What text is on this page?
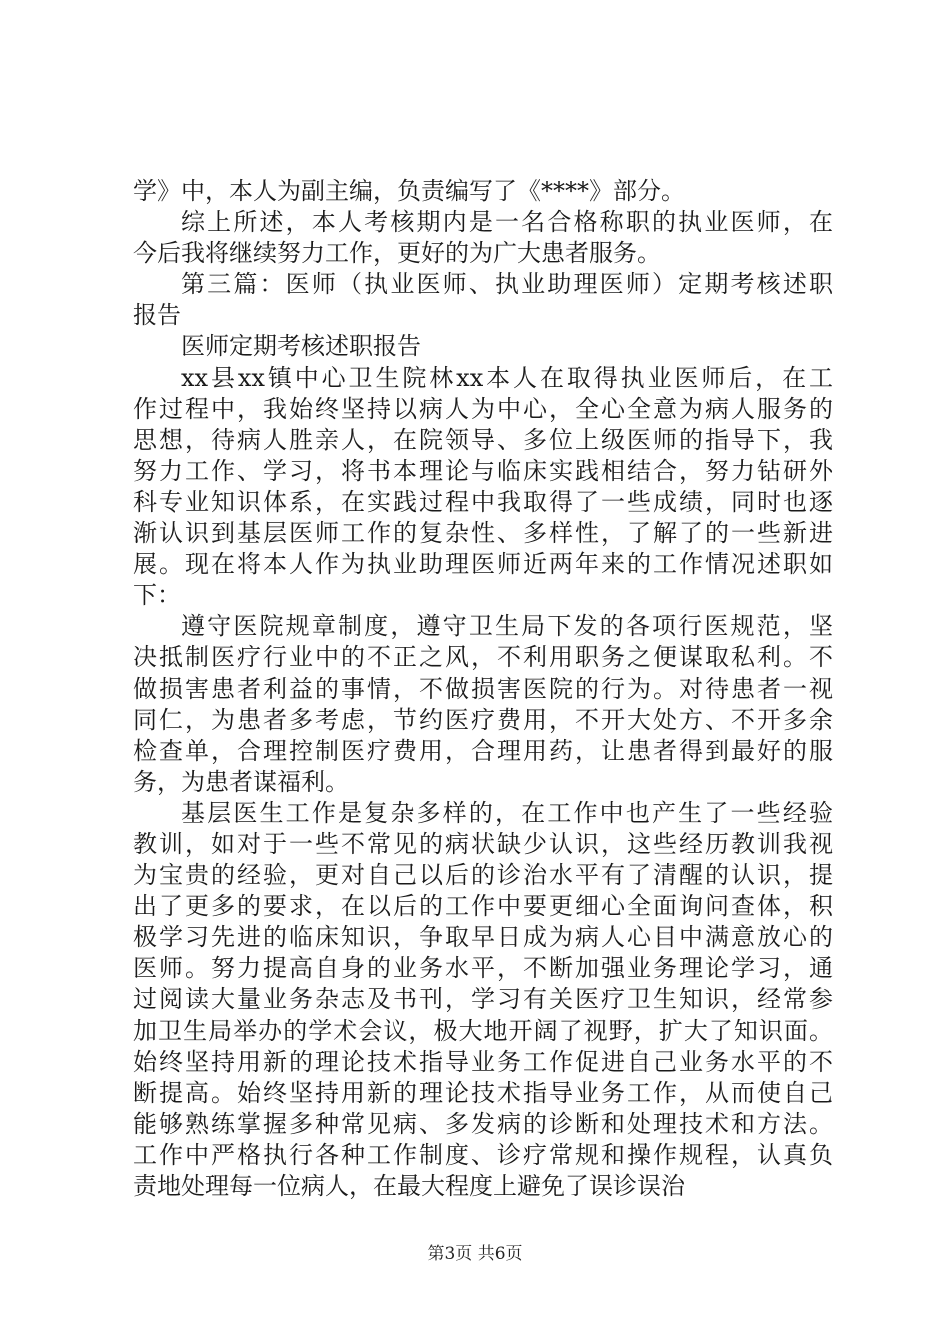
学》中，本人为副主编，负责编写了《****》部分。
综上所述，本人考核期内是一名合格称职的执业医师，在
今后我将继续努力工作，更好的为广大患者服务。
第三篇：医师（执业医师、执业助理医师）定期考核述职
报告
医师定期考核述职报告
xx县xx镇中心卫生院林xx本人在取得执业医师后，在工
作过程中，我始终坚持以病人为中心，全心全意为病人服务的
思想，待病人胜亲人，在院领导、多位上级医师的指导下，我
努力工作、学习，将书本理论与临床实践相结合，努力钻研外
科专业知识体系，在实践过程中我取得了一些成绩，同时也逐
渐认识到基层医师工作的复杂性、多样性，了解了的一些新进
展。现在将本人作为执业助理医师近两年来的工作情况述职如
下：
遵守医院规章制度，遵守卫生局下发的各项行医规范，坚
决抵制医疗行业中的不正之风，不利用职务之便谋取私利。不
做损害患者利益的事情，不做损害医院的行为。对待患者一视
同仁，为患者多考虑，节约医疗费用，不开大处方、不开多余
检查单，合理控制医疗费用，合理用药，让患者得到最好的服
务，为患者谋福利。
基层医生工作是复杂多样的，在工作中也产生了一些经验
教训，如对于一些不常见的病状缺少认识，这些经历教训我视
为宝贵的经验，更对自己以后的诊治水平有了清醒的认识，提
出了更多的要求，在以后的工作中要更细心全面询问查体，积
极学习先进的临床知识，争取早日成为病人心目中满意放心的
医师。努力提高自身的业务水平，不断加强业务理论学习，通
过阅读大量业务杂志及书刊，学习有关医疗卫生知识，经常参
加卫生局举办的学术会议，极大地开阔了视野，扩大了知识面。
始终坚持用新的理论技术指导业务工作促进自己业务水平的不
断提高。始终坚持用新的理论技术指导业务工作，从而使自己
能够熟练掌握多种常见病、多发病的诊断和处理技术和方法。
工作中严格执行各种工作制度、诊疗常规和操作规程，认真负
责地处理每一位病人，在最大程度上避免了误诊误治
第3页 共6页
